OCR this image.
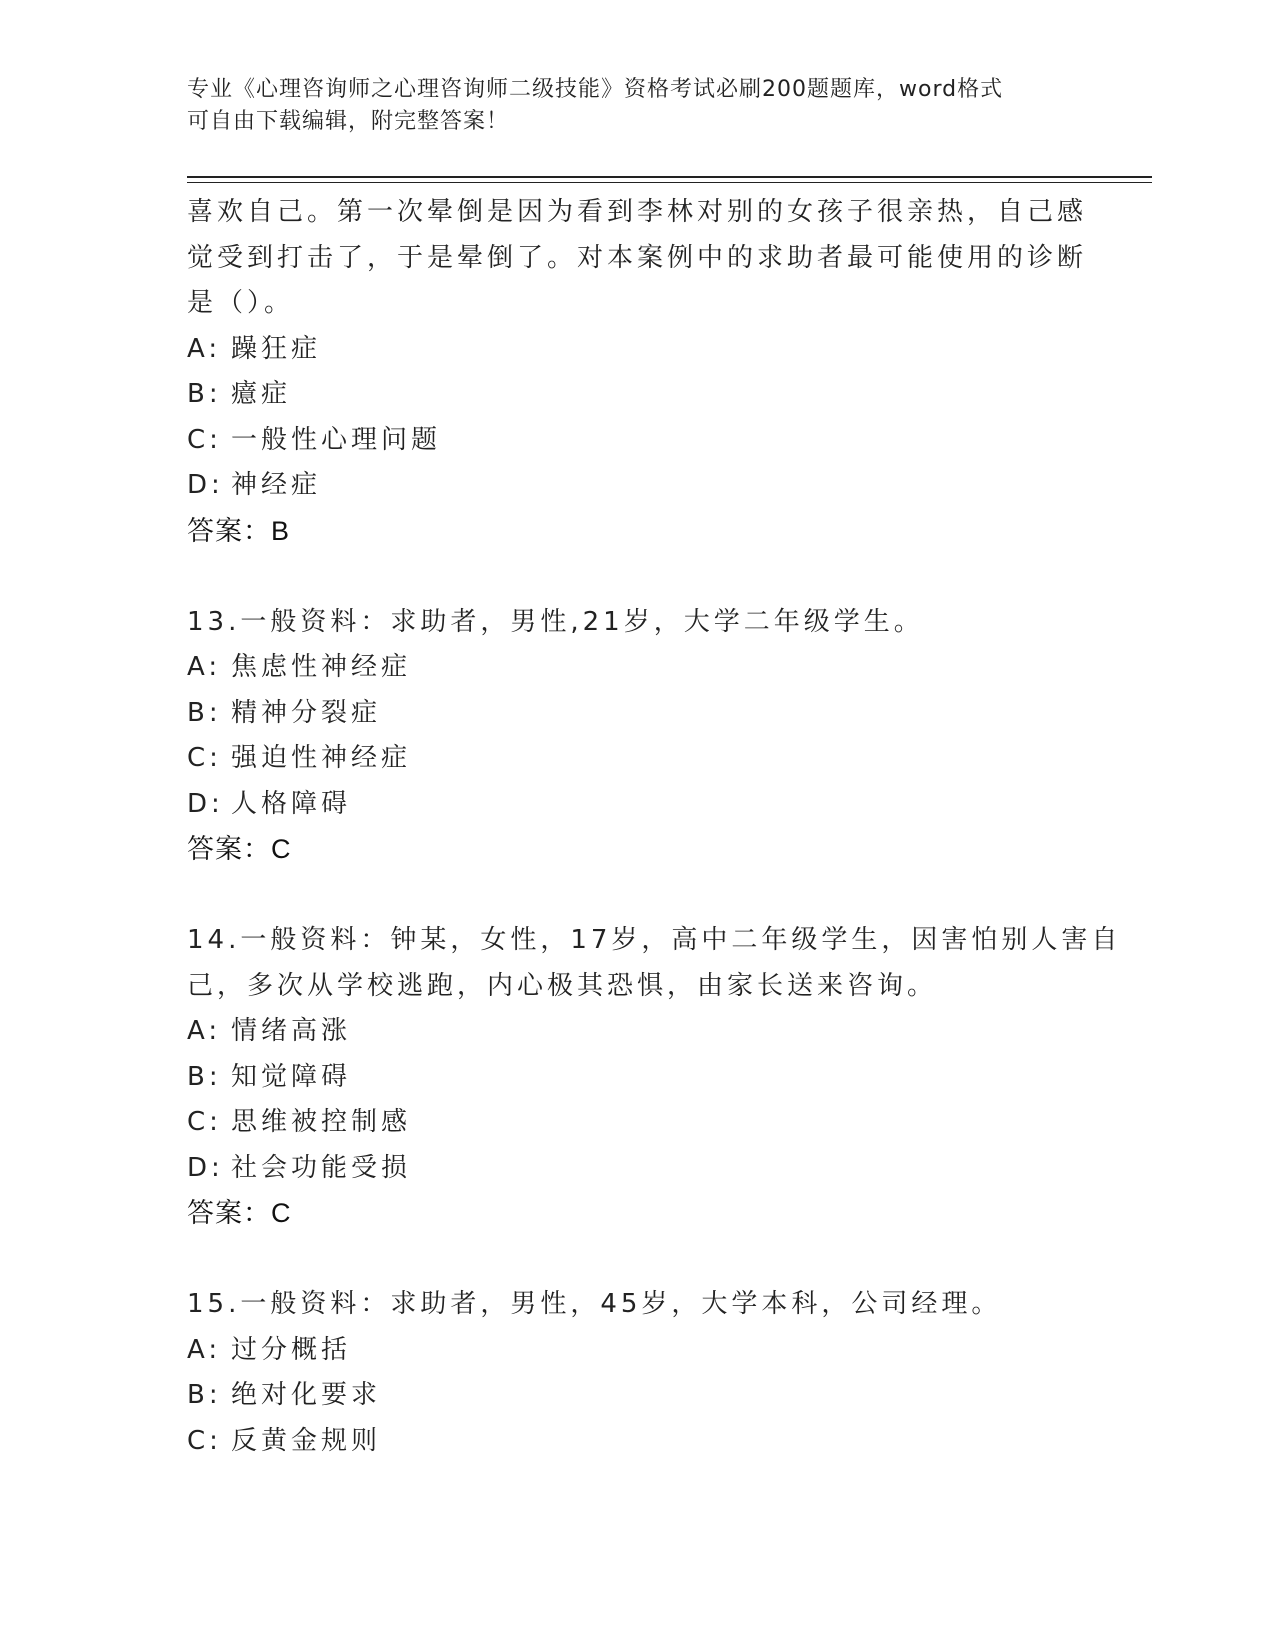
专业《心理咨询师之心理咨询师二级技能》资格考试必刷200题题库，word格式
可自由下载编辑，附完整答案！
喜欢自己。第一次晕倒是因为看到李林对别的女孩子很亲热，自己感
觉受到打击了，于是晕倒了。对本案例中的求助者最可能使用的诊断
是（）。
A: 躁狂症
B: 癔症
C: 一般性心理问题
D: 神经症
答案：B
13.一般资料：求助者，男性,21岁，大学二年级学生。
A: 焦虑性神经症
B: 精神分裂症
C: 强迫性神经症
D: 人格障碍
答案：C
14.一般资料：钟某，女性，17岁，高中二年级学生，因害怕别人害自
己，多次从学校逃跑，内心极其恐惧，由家长送来咨询。
A: 情绪高涨
B: 知觉障碍
C: 思维被控制感
D: 社会功能受损
答案：C
15.一般资料：求助者，男性，45岁，大学本科，公司经理。
A: 过分概括
B: 绝对化要求
C: 反黄金规则
